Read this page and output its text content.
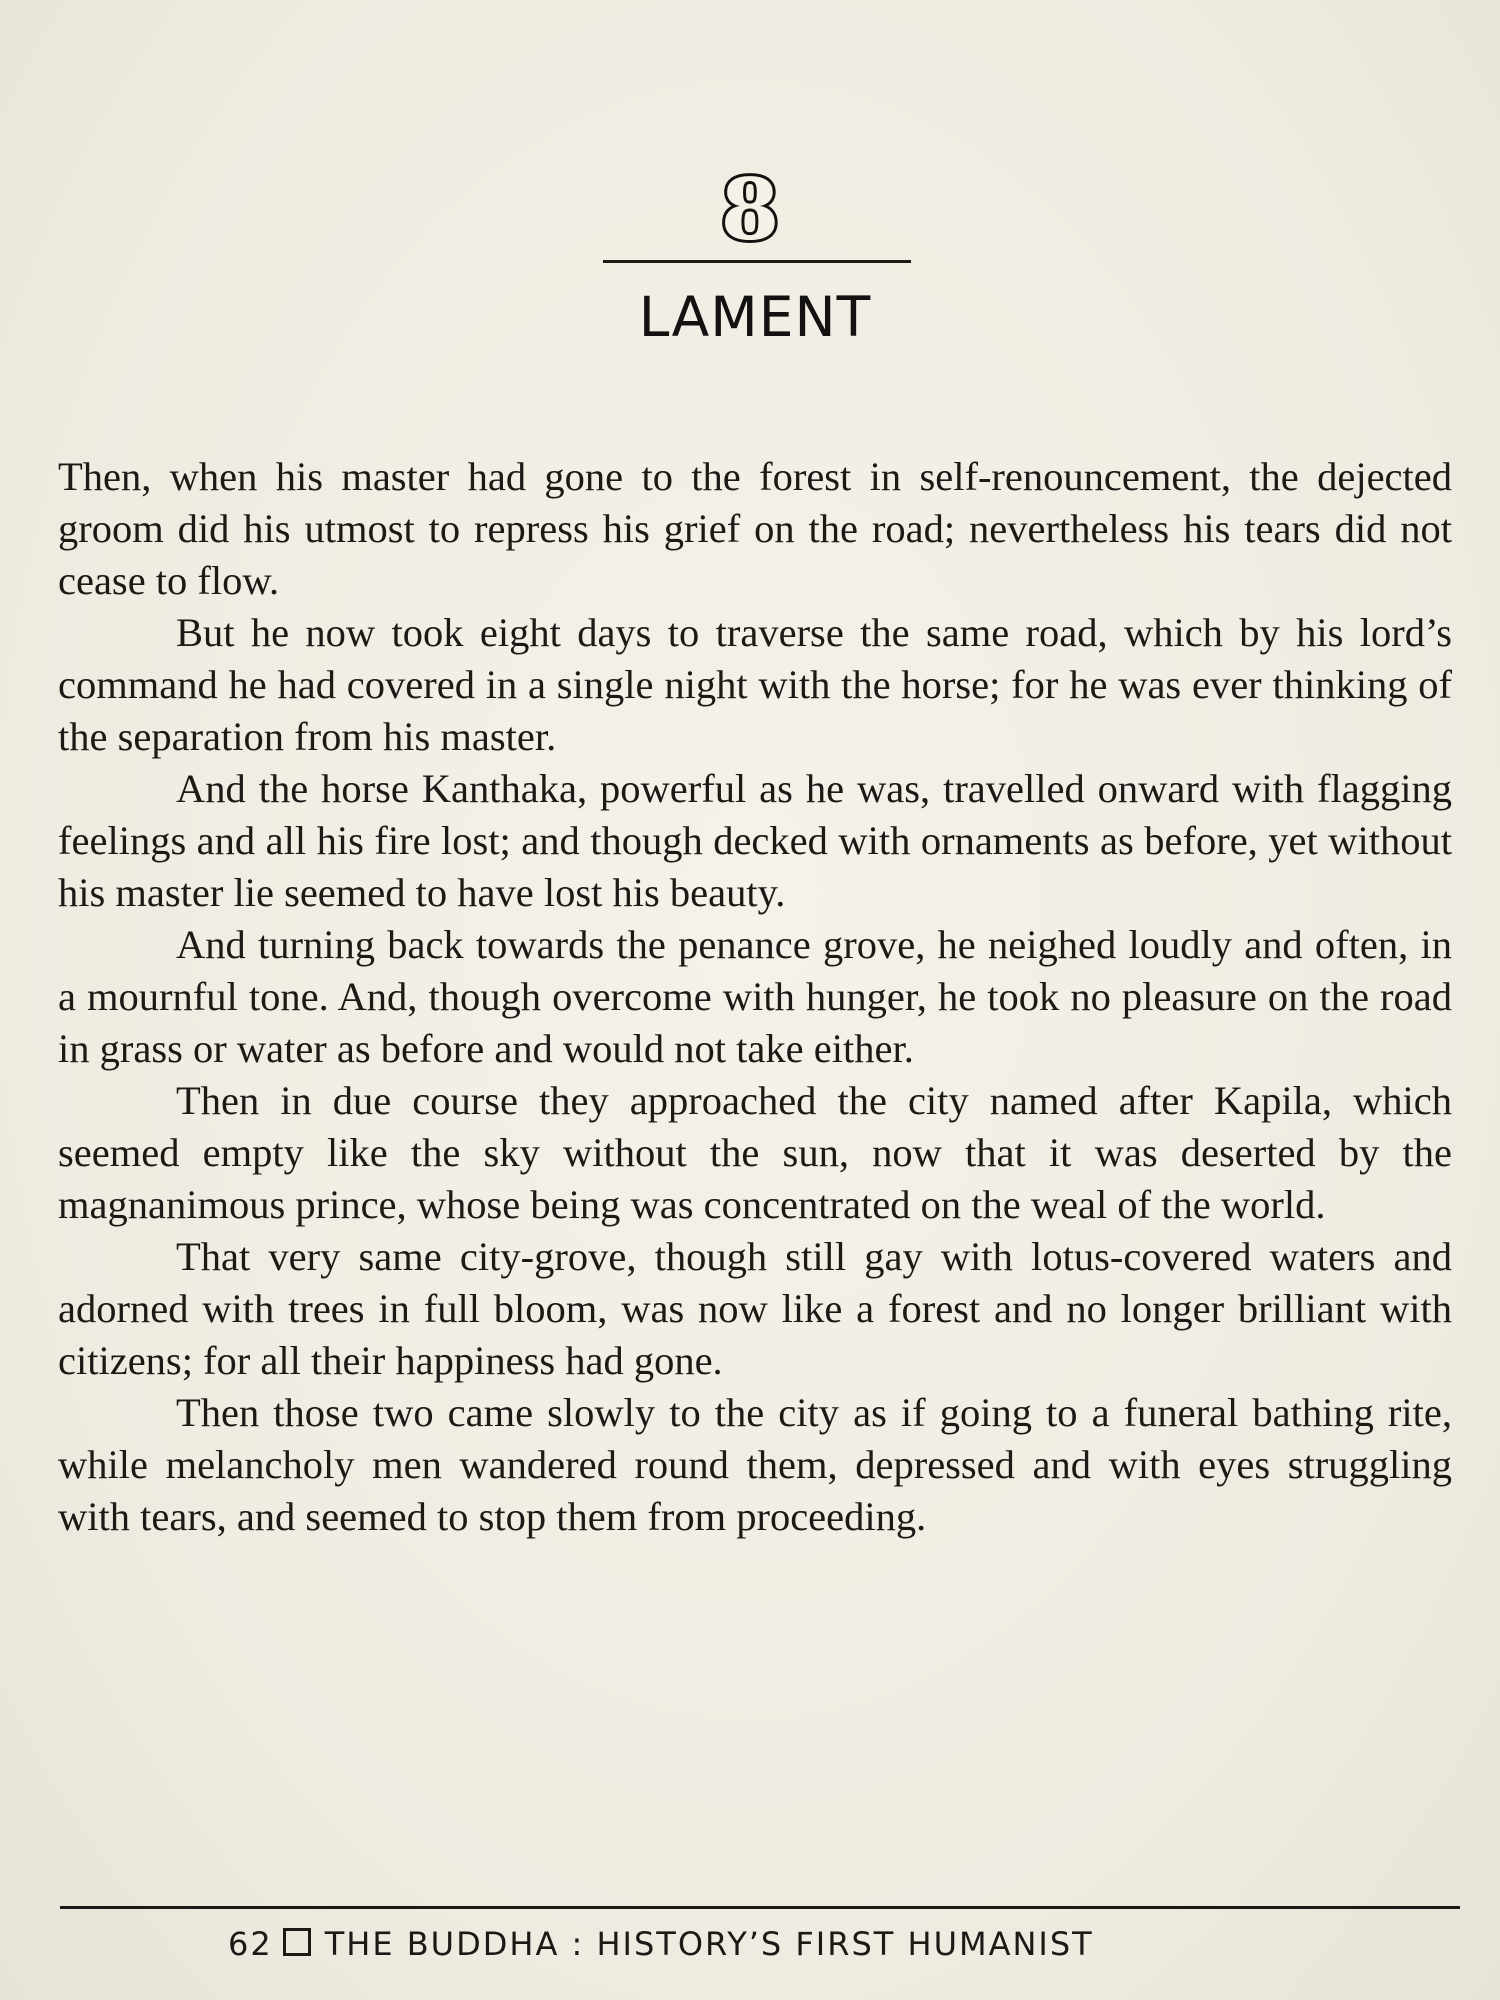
8
LAMENT

Then, when his master had gone to the forest in self-renouncement, the dejected groom did his utmost to repress his grief on the road; nevertheless his tears did not cease to flow.

But he now took eight days to traverse the same road, which by his lord’s command he had covered in a single night with the horse; for he was ever thinking of the separation from his master.

And the horse Kanthaka, powerful as he was, travelled onward with flagging feelings and all his fire lost; and though decked with ornaments as before, yet without his master lie seemed to have lost his beauty.

And turning back towards the penance grove, he neighed loudly and often, in a mournful tone. And, though overcome with hunger, he took no pleasure on the road in grass or water as before and would not take either.

Then in due course they approached the city named after Kapila, which seemed empty like the sky without the sun, now that it was deserted by the magnanimous prince, whose being was concentrated on the weal of the world.

That very same city-grove, though still gay with lotus-covered waters and adorned with trees in full bloom, was now like a forest and no longer brilliant with citizens; for all their happiness had gone.

Then those two came slowly to the city as if going to a funeral bathing rite, while melancholy men wandered round them, depressed and with eyes struggling with tears, and seemed to stop them from proceeding.

62 THE BUDDHA : HISTORY’S FIRST HUMANIST
